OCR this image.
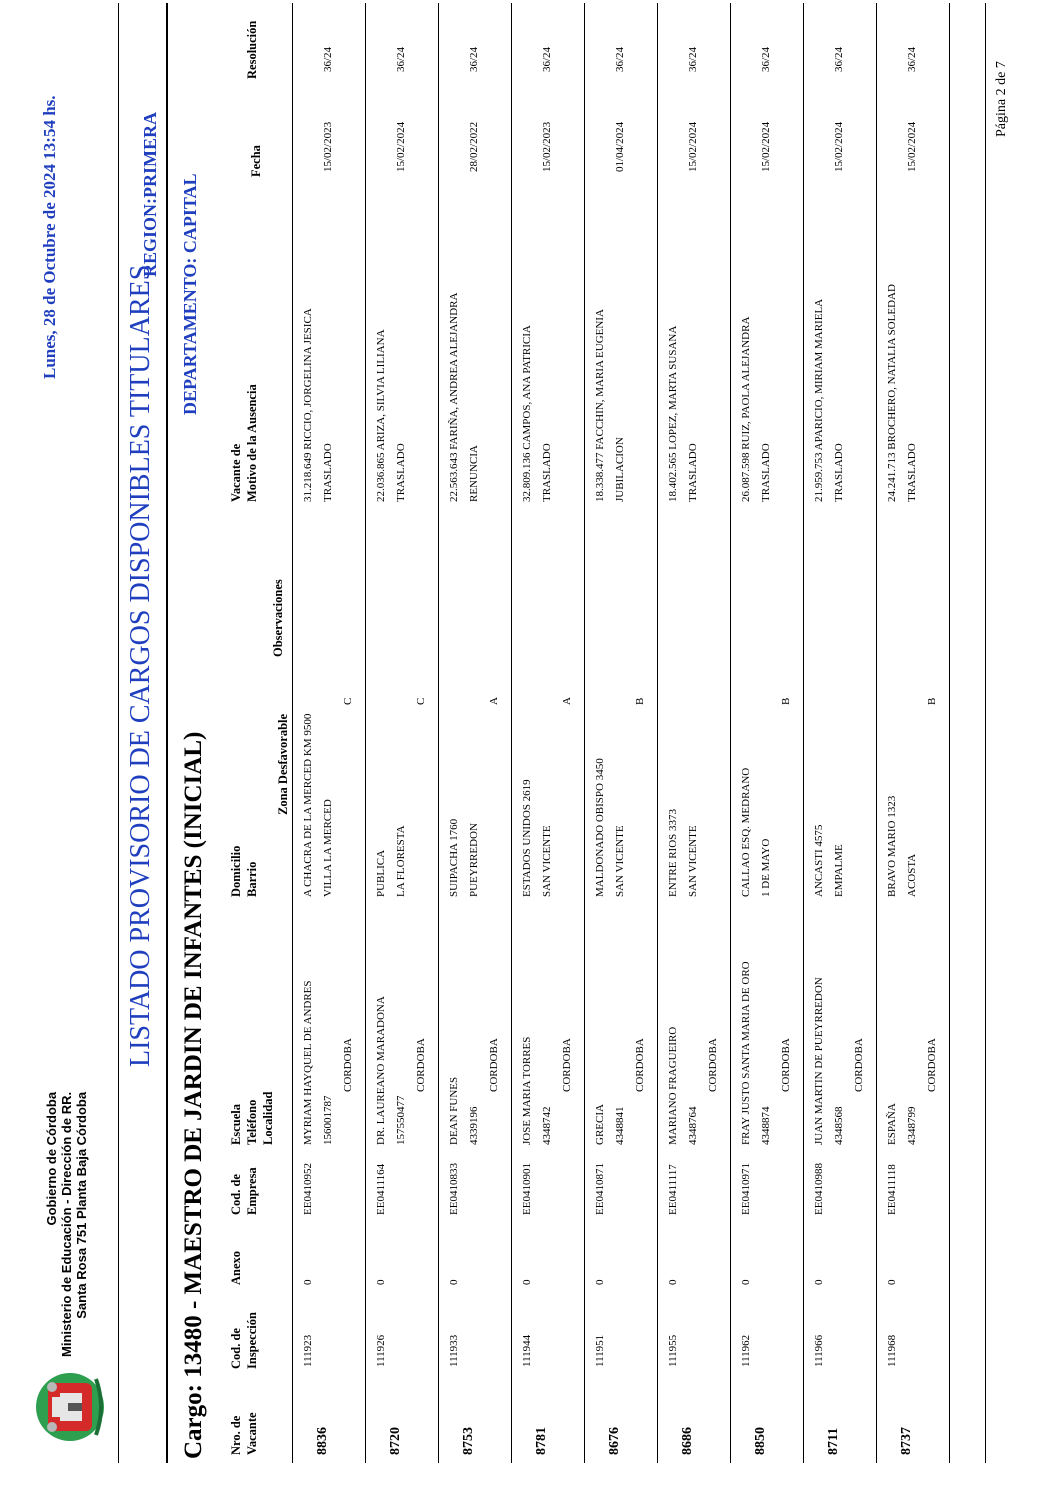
Gobierno de Córdoba Ministerio de Educación - Dirección de RR. Santa Rosa 751 Planta Baja Córdoba
LISTADO PROVISORIO DE CARGOS DISPONIBLES TITULARES
REGION:PRIMERA
Lunes, 28 de Octubre de 2024 13:54 hs.
Cargo: 13480 - MAESTRO DE JARDIN DE INFANTES (INICIAL)
DEPARTAMENTO: CAPITAL
Nro. de Vacante
Cod. de Inspección
Anexo
Cod. de Empresa
Escuela Teléfono Localidad
Domicilio Barrio
Zona Desfavorable
Observaciones
Vacante de Motivo de la Ausencia
Fecha
Resolución
8836
111923
0
EE0410952
MYRIAM HAYQUEL DE ANDRES 156001787
CORDOBA
A CHACRA DE LA MERCED KM 9500 VILLA LA MERCED
C
31.218.649 RICCIO, JORGELINA JESICA TRASLADO
15/02/2023
36/24
8720
111926
0
EE0411164
DR. LAUREANO MARADONA 157550477
CORDOBA
PUBLICA LA FLORESTA
C
22.036.865 ARIZA, SILVIA LILIANA TRASLADO
15/02/2024
36/24
8753
111933
0
EE0410833
DEAN FUNES 4339196
CORDOBA
SUIPACHA 1760 PUEYRREDON
A
22.563.643 FARIÑA, ANDREA ALEJANDRA RENUNCIA
28/02/2022
36/24
8781
111944
0
EE0410901
JOSE MARIA TORRES 4348742
CORDOBA
ESTADOS UNIDOS 2619 SAN VICENTE
A
32.809.136 CAMPOS, ANA PATRICIA TRASLADO
15/02/2023
36/24
8676
111951
0
EE0410871
GRECIA 4348841
CORDOBA
MALDONADO OBISPO 3450 SAN VICENTE
B
18.338.477 FACCHIN, MARIA EUGENIA JUBILACION
01/04/2024
36/24
8686
111955
0
EE0411117
MARIANO FRAGUEIRO 4348764
CORDOBA
ENTRE RIOS 3373 SAN VICENTE
18.402.565 LOPEZ, MARTA SUSANA TRASLADO
15/02/2024
36/24
8850
111962
0
EE0410971
FRAY JUSTO SANTA MARIA DE ORO 4348874
CORDOBA
CALLAO ESQ. MEDRANO 1 DE MAYO
B
26.087.598 RUIZ, PAOLA ALEJANDRA TRASLADO
15/02/2024
36/24
8711
111966
0
EE0410988
JUAN MARTIN DE PUEYRREDON 4348568
CORDOBA
ANCASTI 4575 EMPALME
21.959.753 APARICIO, MIRIAM MARIELA TRASLADO
15/02/2024
36/24
8737
111968
0
EE0411118
ESPAÑA 4348799
CORDOBA
BRAVO MARIO 1323 ACOSTA
B
24.241.713 BROCHERO, NATALIA SOLEDAD TRASLADO
15/02/2024
36/24
Página 2 de 7
